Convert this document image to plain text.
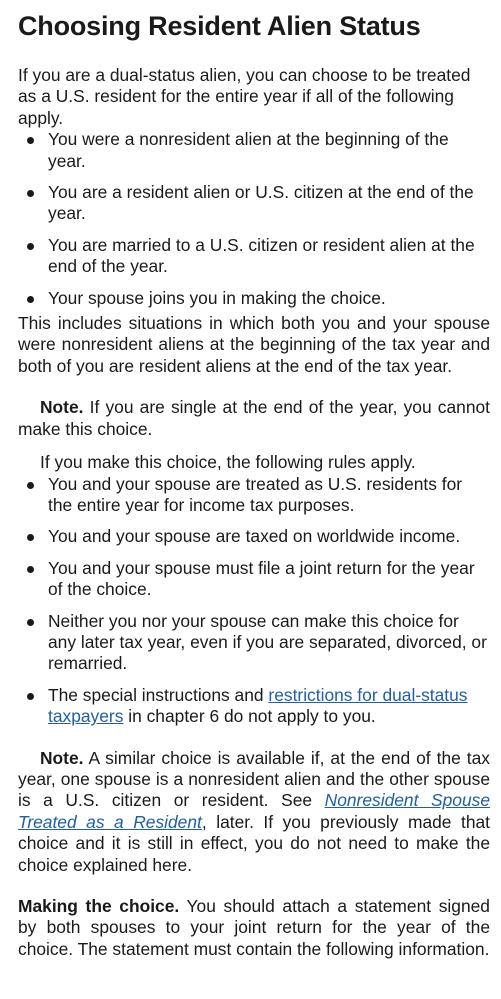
Choosing Resident Alien Status

If you are a dual-status alien, you can choose to be treated as a U.S. resident for the entire year if all of the following apply.

You were a nonresident alien at the beginning of the year.
You are a resident alien or U.S. citizen at the end of the year.
You are married to a U.S. citizen or resident alien at the end of the year.
Your spouse joins you in making the choice.

This includes situations in which both you and your spouse were nonresident aliens at the beginning of the tax year and both of you are resident aliens at the end of the tax year.

Note. If you are single at the end of the year, you cannot make this choice.

If you make this choice, the following rules apply.

You and your spouse are treated as U.S. residents for the entire year for income tax purposes.
You and your spouse are taxed on worldwide income.
You and your spouse must file a joint return for the year of the choice.
Neither you nor your spouse can make this choice for any later tax year, even if you are separated, divorced, or remarried.
The special instructions and restrictions for dual-status taxpayers in chapter 6 do not apply to you.

Note. A similar choice is available if, at the end of the tax year, one spouse is a nonresident alien and the other spouse is a U.S. citizen or resident. See Nonresident Spouse Treated as a Resident, later. If you previously made that choice and it is still in effect, you do not need to make the choice explained here.

Making the choice. You should attach a statement signed by both spouses to your joint return for the year of the choice. The statement must contain the following information.
